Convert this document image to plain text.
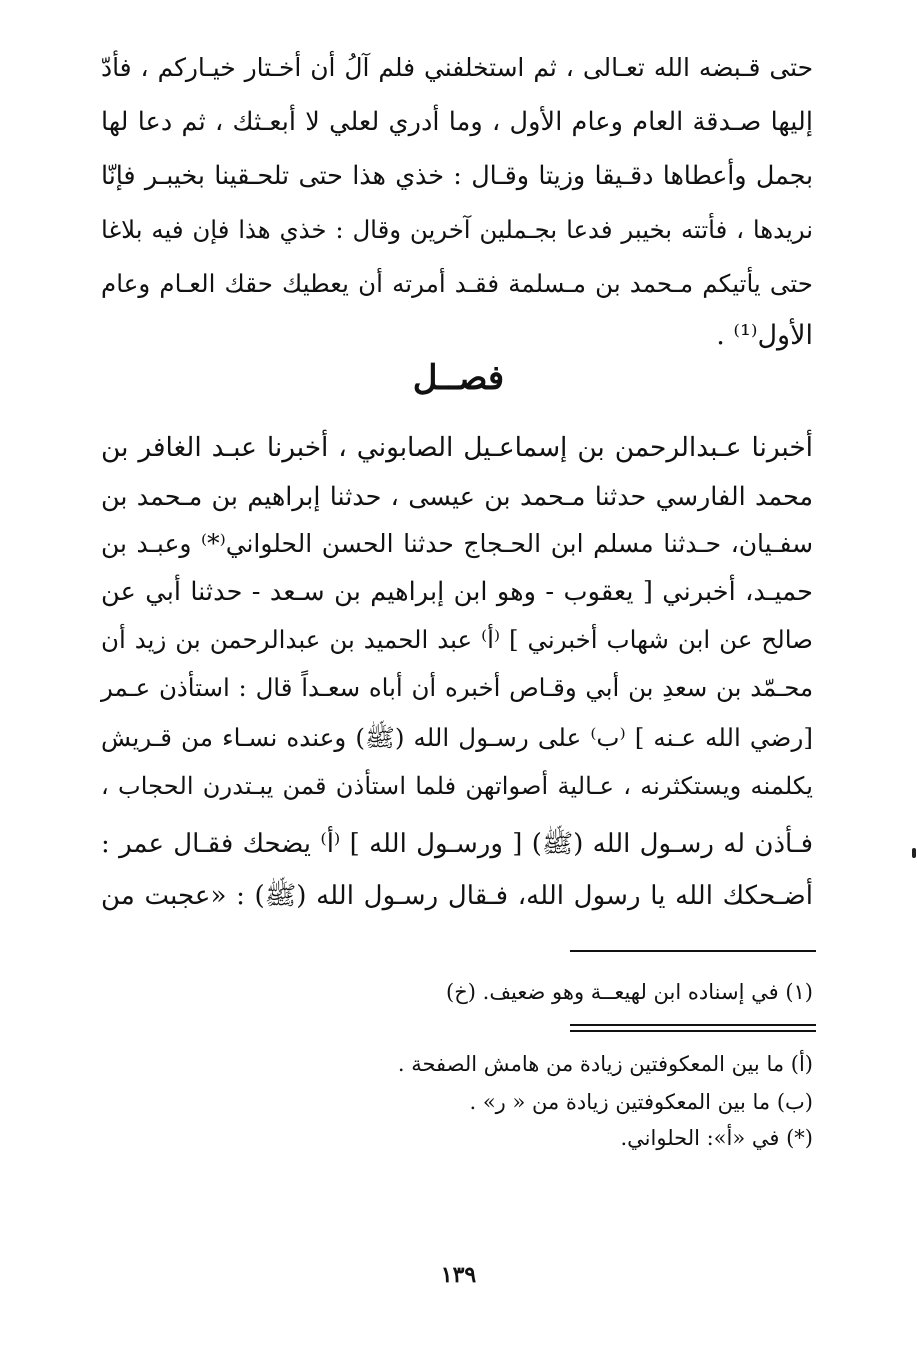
حتى قـبضه الله تعـالى ، ثم استخلفني فلم آلُ أن أخـتار خيـاركم ، فأدّ
إليها صـدقة العام وعام الأول ، وما أدري لعلي لا أبعـثك ، ثم دعا لها
بجمل وأعطاها دقـيقا وزيتا وقـال : خذي هذا حتى تلحـقينا بخيبـر فإنّا
نريدها ، فأتته بخيبر فدعا بجـملين آخرين وقال : خذي هذا فإن فيه بلاغا
حتى يأتيكم مـحمد بن مـسلمة فقـد أمرته أن يعطيك حقك العـام وعام
الأول⁽¹⁾ .
فصــل
أخبرنا عـبدالرحمن بن إسماعـيل الصابوني ، أخبرنا عبـد الغافر بن
محمد الفارسي حدثنا مـحمد بن عيسى ، حدثنا إبراهيم بن مـحمد بن
سفـيان، حـدثنا مسلم ابن الحـجاج حدثنا الحسن الحلواني⁽*⁾ وعبـد بن
حميـد، أخبرني [ يعقوب - وهو ابن إبراهيم بن سـعد - حدثنا أبي عن
صالح عن ابن شهاب أخبرني ] ⁽أ⁾ عبد الحميد بن عبدالرحمن بن زيد أن
محـمّد بن سعدِ بن أبي وقـاص أخبره أن أباه سعـداً قال : استأذن عـمر
[رضي الله عـنه ] ⁽ب⁾ على رسـول الله (ﷺ) وعنده نسـاء من قـريش
يكلمنه ويستكثرنه ، عـالية أصواتهن فلما استأذن قمن يبـتدرن الحجاب ،
فـأذن له رسـول الله (ﷺ) [ ورسـول الله ] ⁽أ⁾ يضحك فقـال عمر :
أضـحكك الله يا رسول الله، فـقال رسـول الله (ﷺ) : «عجبت من
(١) في إسناده ابن لهيعــة وهو ضعيف. (خ)
(أ) ما بين المعكوفتين زيادة من هامش الصفحة .
(ب) ما بين المعكوفتين زيادة من « ر» .
(*) في «أ»: الحلواني.
١٣٩
